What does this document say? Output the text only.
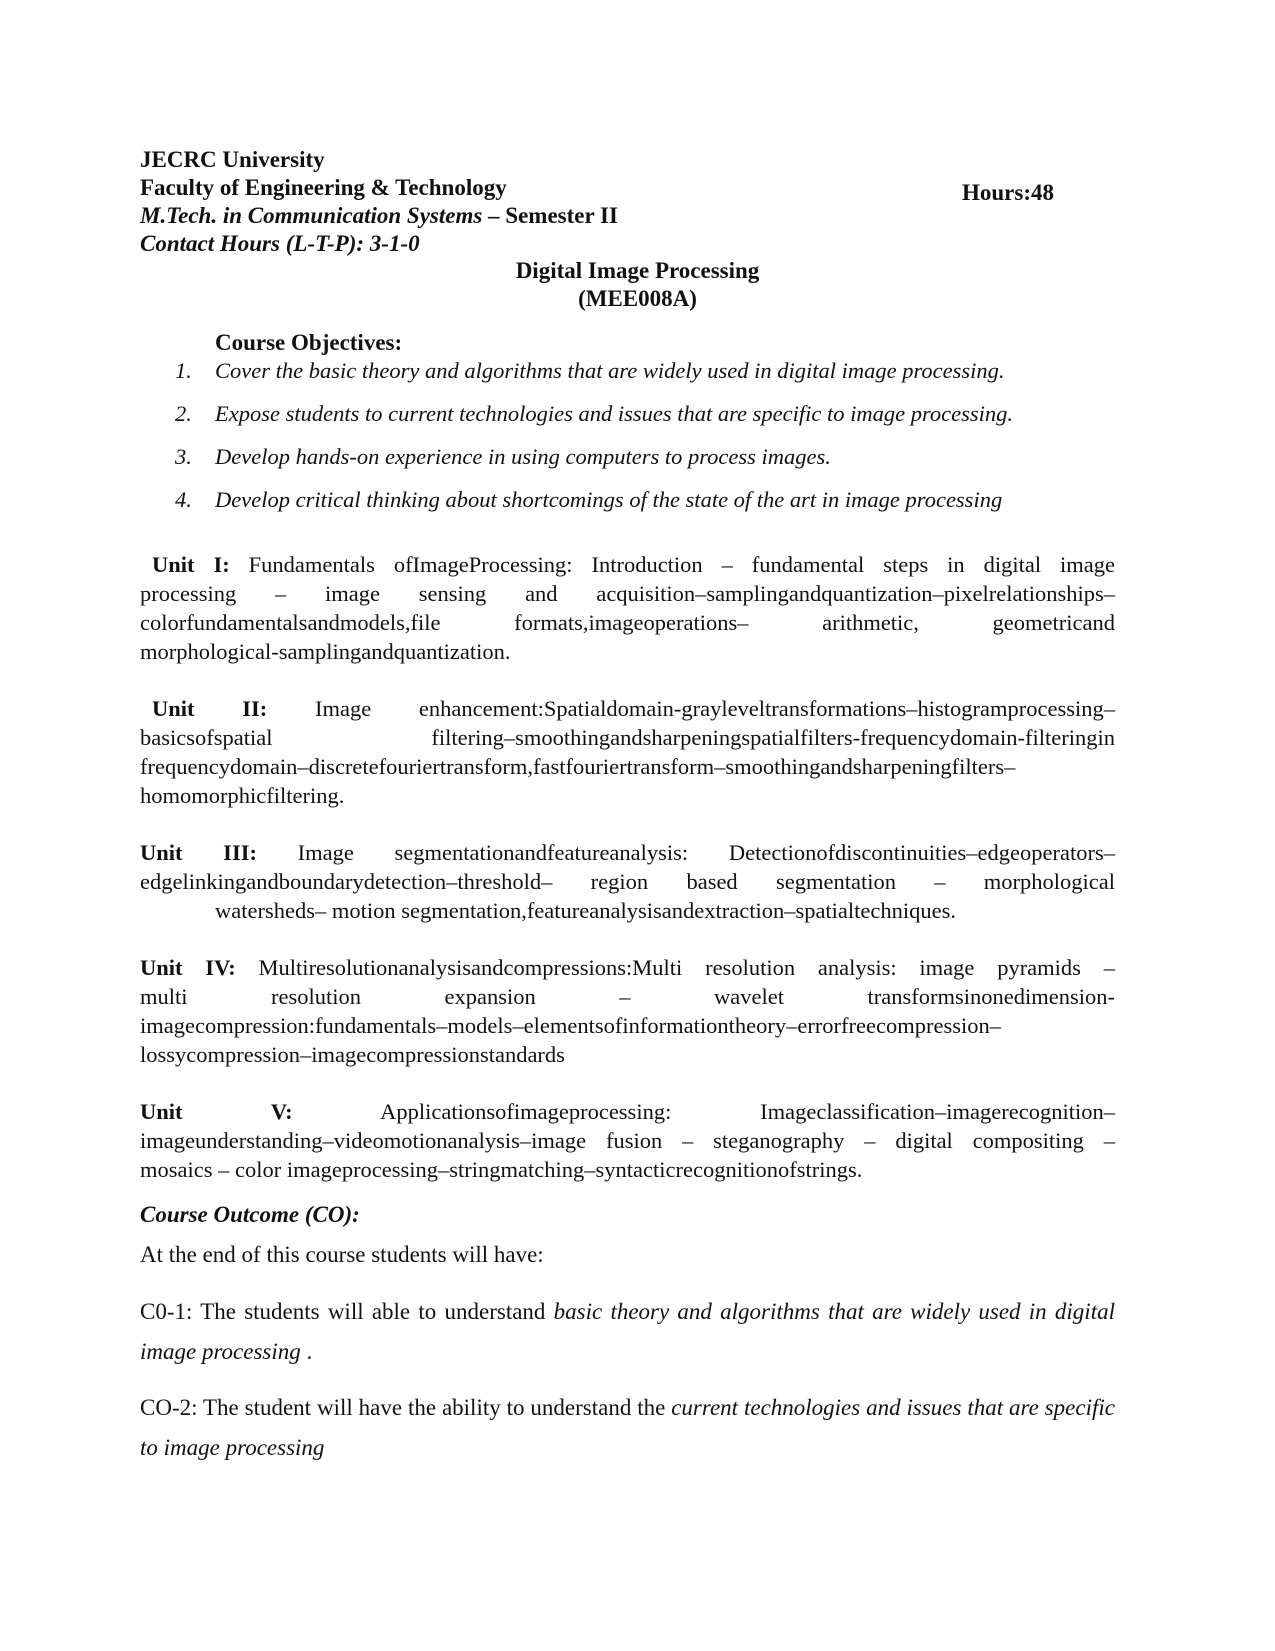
JECRC University
Faculty of Engineering & Technology	Hours:48
M.Tech. in Communication Systems – Semester II
Contact Hours (L-T-P): 3-1-0
Digital Image Processing
(MEE008A)
Course Objectives:
1. Cover the basic theory and algorithms that are widely used in digital image processing.
2. Expose students to current technologies and issues that are specific to image processing.
3. Develop hands-on experience in using computers to process images.
4. Develop critical thinking about shortcomings of the state of the art in image processing
Unit I: Fundamentals ofImageProcessing: Introduction – fundamental steps in digital image
processing – image sensing and acquisition–samplingandquantization–pixelrelationships–
colorfundamentalsandmodels,file formats,imageoperations– arithmetic, geometricand
morphological-samplingandquantization.
Unit II: Image enhancement:Spatialdomain-graylevеltransformations–histogramprocessing–
basicsofspatial filtering–smoothingandsharpeningspatialfilters-frequencydomain-filteringin
frequencydomain–discretefouriertransform,fastfouriertransform–smoothingandsharpeningfilters–
homomorphicfiltering.
Unit III: Image segmentationandfeatureanalysis: Detectionofdiscontinuities–edgeoperators–
edgelinkingandboundarydetection–threshold– region based segmentation – morphological
watersheds– motion segmentation,featureanalysisandextraction–spatialtechniques.
Unit IV: Multiresolutionanalysisandcompressions:Multi resolution analysis: image pyramids –
multi resolution expansion – wavelet transformsinonedimension-
imagecompression:fundamentals–models–elementsofinformationtheory–errorfreecompression–
lossycompression–imagecompressionstandards
Unit V: Applicationsofimageprocessing: Imageclassification–imagerecognition–
imageunderstanding–videomotionanalysis–image fusion – steganography – digital compositing –
mosaics – color imageprocessing–stringmatching–syntacticrecognitionofstrings.
Course Outcome (CO):
At the end of this course students will have:
C0-1: The students will able to understand basic theory and algorithms that are widely used in digital image processing .
CO-2: The student will have the ability to understand the current technologies and issues that are specific to image processing
